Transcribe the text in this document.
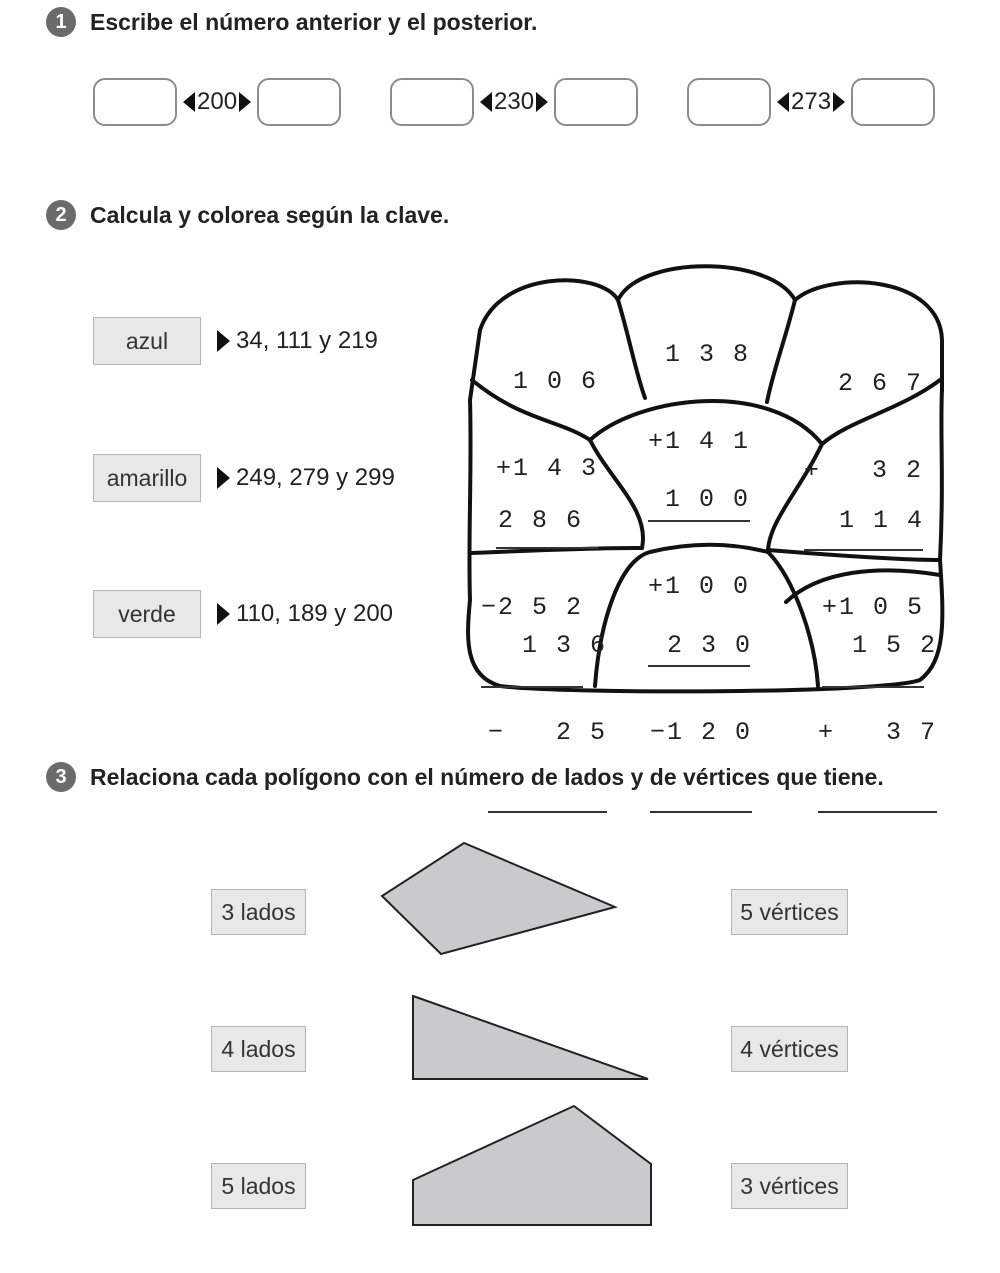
1	Escribe el número anterior y el posterior.
200	230	273
2	Calcula y colorea según la clave.
azul	34, 111 y 219
amarillo	249, 279 y 299
verde	110, 189 y 200

1 0 6

+1 4 3

1 3 8

+1 4 1

2 6 7

+   3 2

2 8 6

−2 5 2

1 0 0

+1 0 0

1 1 4

+1 0 5

1 3 6

−   2 5

2 3 0

−1 2 0

1 5 2

+   3 7

3	Relaciona cada polígono con el número de lados y de vértices que tiene.
3 lados
4 lados
5 lados
5 vértices
4 vértices
3 vértices
